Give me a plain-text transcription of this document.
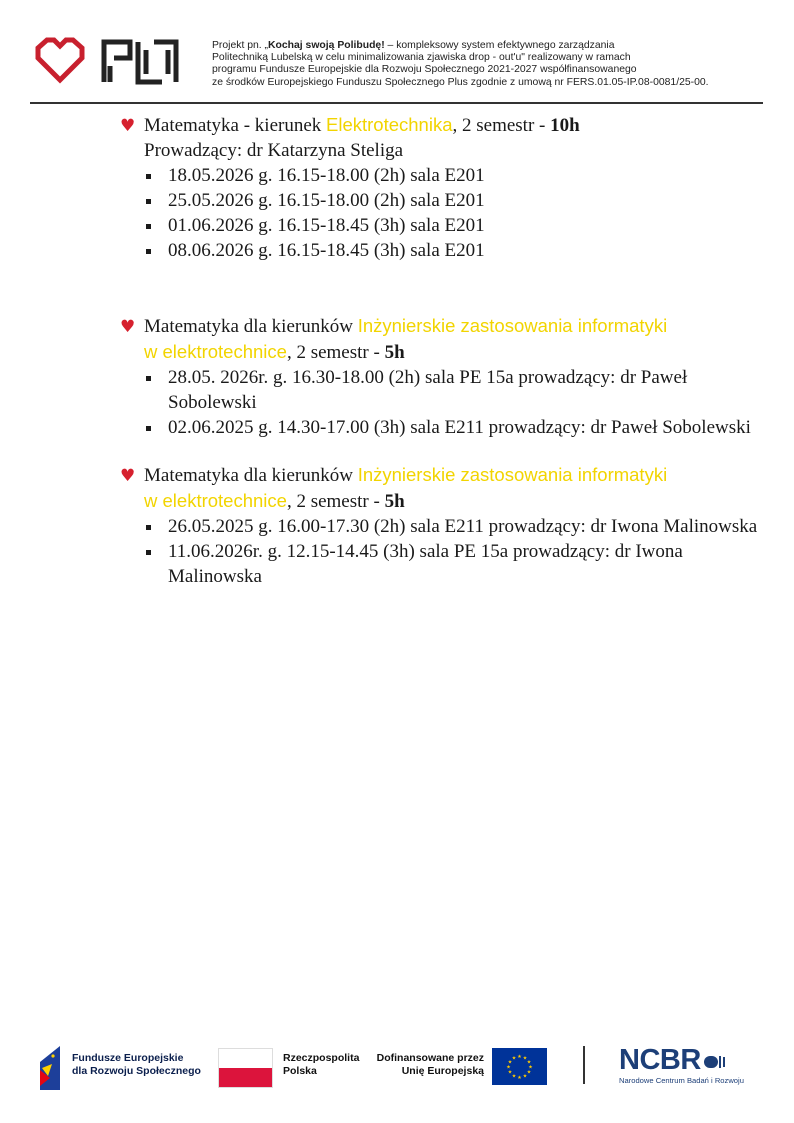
Projekt pn. „Kochaj swoją Polibudę! – kompleksowy system efektywnego zarządzania
Politechniką Lubelską w celu minimalizowania zjawiska drop - out'u" realizowany w ramach
programu Fundusze Europejskie dla Rozwoju Społecznego 2021-2027 współfinansowanego
ze środków Europejskiego Funduszu Społecznego Plus zgodnie z umową nr FERS.01.05-IP.08-0081/25-00.
♥ Matematyka - kierunek Elektrotechnika, 2 semestr - 10h
Prowadzący: dr Katarzyna Steliga
18.05.2026 g. 16.15-18.00 (2h) sala E201
25.05.2026 g. 16.15-18.00 (2h) sala E201
01.06.2026 g. 16.15-18.45 (3h) sala E201
08.06.2026 g. 16.15-18.45 (3h) sala E201
♥ Matematyka dla kierunków Inżynierskie zastosowania informatyki
w elektrotechnice, 2 semestr - 5h
28.05. 2026r. g. 16.30-18.00 (2h) sala PE 15a prowadzący: dr Paweł Sobolewski
02.06.2025 g. 14.30-17.00 (3h) sala E211 prowadzący: dr Paweł Sobolewski
♥ Matematyka dla kierunków Inżynierskie zastosowania informatyki
w elektrotechnice, 2 semestr - 5h
26.05.2025 g. 16.00-17.30 (2h) sala E211 prowadzący: dr Iwona Malinowska
11.06.2026r. g. 12.15-14.45 (3h) sala PE 15a prowadzący: dr Iwona Malinowska
Fundusze Europejskie
dla Rozwoju Społecznego
Rzeczpospolita
Polska
Dofinansowane przez
Unię Europejską
★ ★
★
★
★
★
★
★
★
★
★
★	NCBR
Narodowe Centrum Badań i Rozwoju
